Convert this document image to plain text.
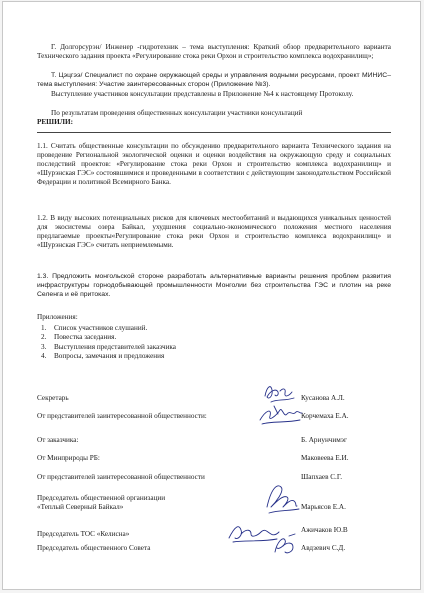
Г. Долгорсурэн/ Инженер -гидротехник – тема выступления: Краткий обзор предварительного варианта Технического задания проекта «Регулирование стока реки Орхон и строительство комплекса водохранилищ»;

Т. Цэцгээ/ Специалист по охране окружающей среды и управления водными ресурсами, проект МИНИС– тема выступления: Участие заинтересованных сторон (Приложение №3).

Выступление участников консультации представлены в Приложение №4 к настоящему Протоколу.

По результатам проведения общественных консультации участники консультаций

РЕШИЛИ:

1.1. Считать общественные консультации по обсуждению предварительного варианта Технического задания на проведение Региональной экологической оценки и оценки воздействия на окружающую среду и социальных последствий проектов: «Регулирование стока реки Орхон и строительство комплекса водохранилищ» и «Шурэнская ГЭС» состоявшимися и проведенными в соответствии с действующим законодательством Российской Федерации и политикой Всемирного Банка.

1.2. В виду высоких потенциальных рисков для ключевых местообитаний и выдающихся уникальных ценностей для экосистемы озера Байкал, ухудшения социально-экономического положения местного населения предлагаемые проекты«Регулирование стока реки Орхон и строительство комплекса водохранилищ» и «Шурэнская ГЭС» считать неприемлемыми.

1.3. Предложить монгольской стороне разработать альтернативные варианты решения проблем развития инфраструктуры горнодобывающей промышленности Монголии без строительства ГЭС и плотин на реке Селенга и её притоках.

Приложения:

1. Список участников слушаний.
2. Повестка заседания.
3. Выступления представителей заказчика
4. Вопросы, замечания и предложения
Секретарь	Кусанова А.Л.
От представителей заинтересованной общественности:	Корчемаха Е.А.
От заказчика:	Б. Ариунчимэг
От Минприроды РБ:	Маковеева Е.И.
От представителей заинтересованной общественности	Шапхаев С.Г.
Председатель общественной организации
«Теплый Северный Байкал»	Марьясов Е.А.
Председатель ТОС «Келисна»	Ажичаков Ю.В
Председатель общественного Совета	Авдзевич С.Д.
